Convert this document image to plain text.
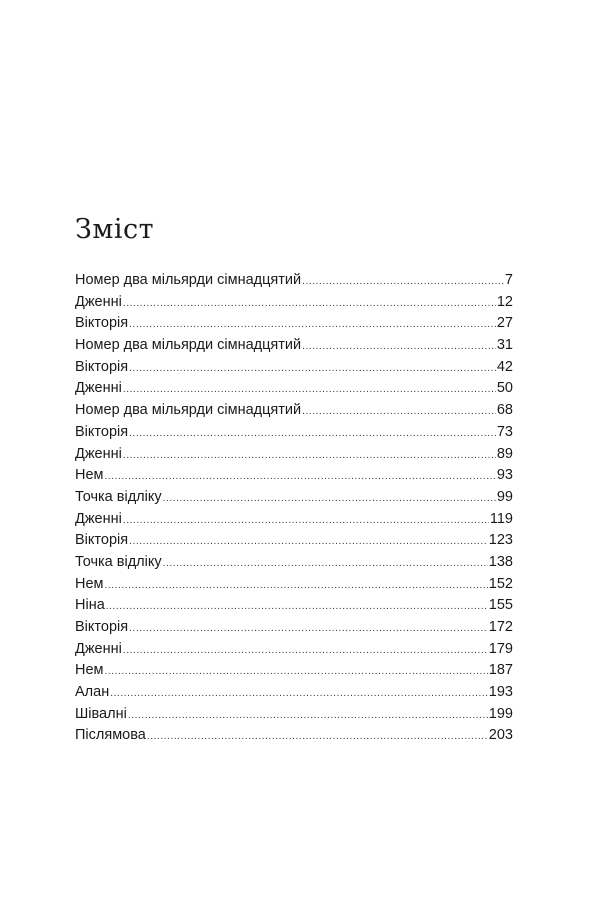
Зміст
Номер два мільярди сімнадцятий .....	7
Дженні .....	12
Вікторія .....	27
Номер два мільярди сімнадцятий .....	31
Вікторія .....	42
Дженні .....	50
Номер два мільярди сімнадцятий .....	68
Вікторія .....	73
Дженні .....	89
Нем .....	93
Точка відліку .....	99
Дженні .....	119
Вікторія .....	123
Точка відліку .....	138
Нем .....	152
Ніна .....	155
Вікторія .....	172
Дженні .....	179
Нем .....	187
Алан .....	193
Шівалні .....	199
Післямова .....	203
